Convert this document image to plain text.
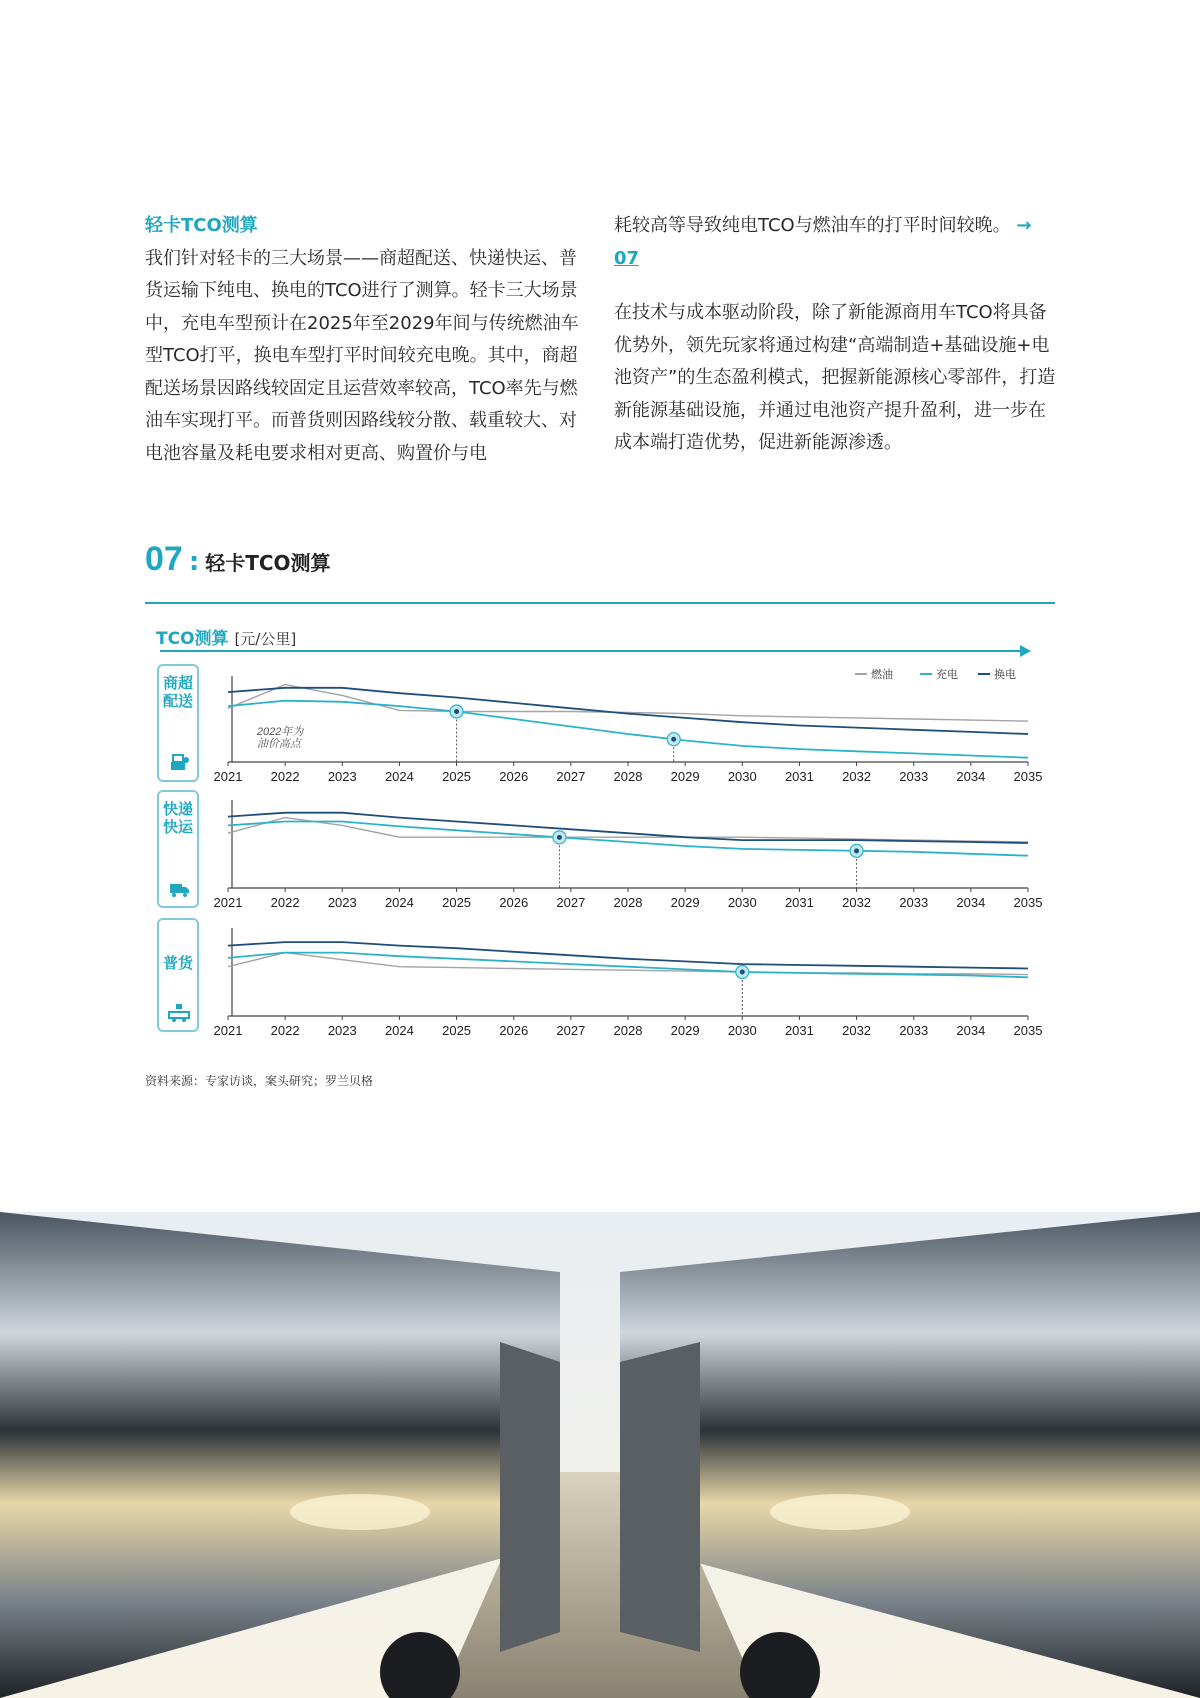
轻卡TCO测算
我们针对轻卡的三大场景——商超配送、快递快运、普货运输下纯电、换电的TCO进行了测算。轻卡三大场景中，充电车型预计在2025年至2029年间与传统燃油车型TCO打平，换电车型打平时间较充电晚。其中，商超配送场景因路线较固定且运营效率较高，TCO率先与燃油车实现打平。而普货则因路线较分散、载重较大、对电池容量及耗电要求相对更高、购置价与电

耗较高等导致纯电TCO与燃油车的打平时间较晚。 → 07

在技术与成本驱动阶段，除了新能源商用车TCO将具备优势外，领先玩家将通过构建“高端制造+基础设施+电池资产”的生态盈利模式，把握新能源核心零部件，打造新能源基础设施，并通过电池资产提升盈利，进一步在成本端打造优势，促进新能源渗透。

07 : 轻卡TCO测算
TCO测算 [元/公里]
商超配送
快递快运
普货
燃油	充电	换电
2021 2022 2023 2024 2025 2026 2027 2028 2029 2030 2031 2032 2033 2034 2035
2022年为
油价高点
2021 2022 2023 2024 2025 2026 2027 2028 2029 2030 2031 2032 2033 2034 2035
2021 2022 2023 2024 2025 2026 2027 2028 2029 2030 2031 2032 2033 2034 2035
资料来源：专家访谈，案头研究；罗兰贝格
